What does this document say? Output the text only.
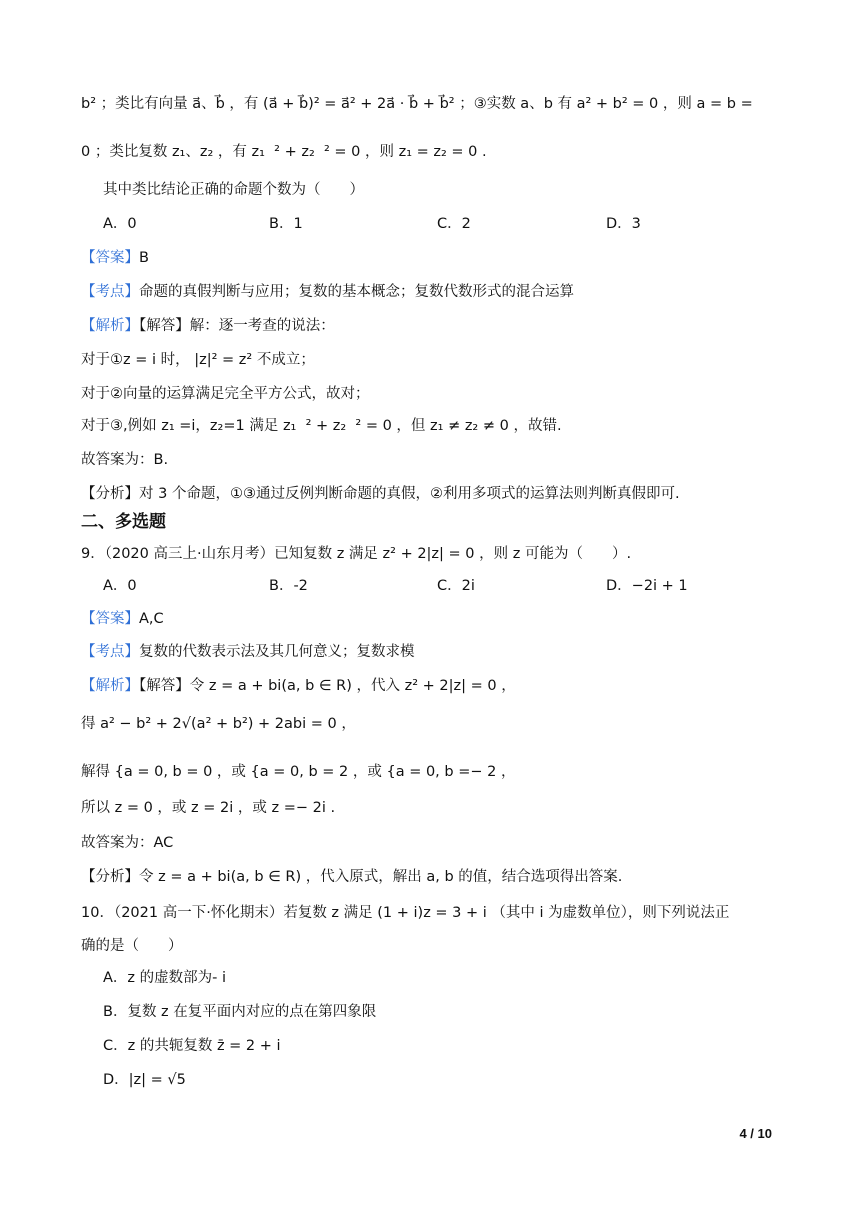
b² ；类比有向量 a⃗、b⃗ ，有 (a⃗ + b⃗)² = a⃗² + 2a⃗ · b⃗ + b⃗² ；③实数 a、b 有 a² + b² = 0 ，则 a = b =
0 ；类比复数 z₁、z₂ ，有 z₁  ² + z₂  ² = 0 ，则 z₁ = z₂ = 0 .
其中类比结论正确的命题个数为（　　）
A．0	B．1	C．2	D．3
【答案】B
【考点】命题的真假判断与应用；复数的基本概念；复数代数形式的混合运算
【解析】【解答】解：逐一考查的说法：
对于①z = i 时， |z|² = z² 不成立；
对于②向量的运算满足完全平方公式，故对；
对于③,例如 z₁ =i，z₂=1 满足 z₁  ² + z₂  ² = 0 ，但 z₁ ≠ z₂ ≠ 0 ，故错.
故答案为：B.
【分析】对 3 个命题，①③通过反例判断命题的真假，②利用多项式的运算法则判断真假即可.
二、多选题
9．（2020 高三上·山东月考）已知复数 z 满足 z² + 2|z| = 0 ，则 z 可能为（　　）.
A．0	B．-2	C．2i	D．−2i + 1
【答案】A,C
【考点】复数的代数表示法及其几何意义；复数求模
【解析】【解答】令 z = a + bi(a, b ∈ R) ，代入 z² + 2|z| = 0 ，
得 a² − b² + 2√(a² + b²) + 2abi = 0 ，
解得 {a = 0, b = 0 ，或 {a = 0, b = 2 ，或 {a = 0, b =− 2 ，
所以 z = 0 ，或 z = 2i ，或 z =− 2i .
故答案为：AC
【分析】令 z = a + bi(a, b ∈ R) ，代入原式，解出 a, b 的值，结合选项得出答案.
10．（2021 高一下·怀化期末）若复数 z 满足 (1 + i)z = 3 + i （其中 i 为虚数单位），则下列说法正
确的是（　　）
A．z 的虚数部为- i
B．复数 z 在复平面内对应的点在第四象限
C．z 的共轭复数 z̄ = 2 + i
D．|z| = √5
4 / 10
